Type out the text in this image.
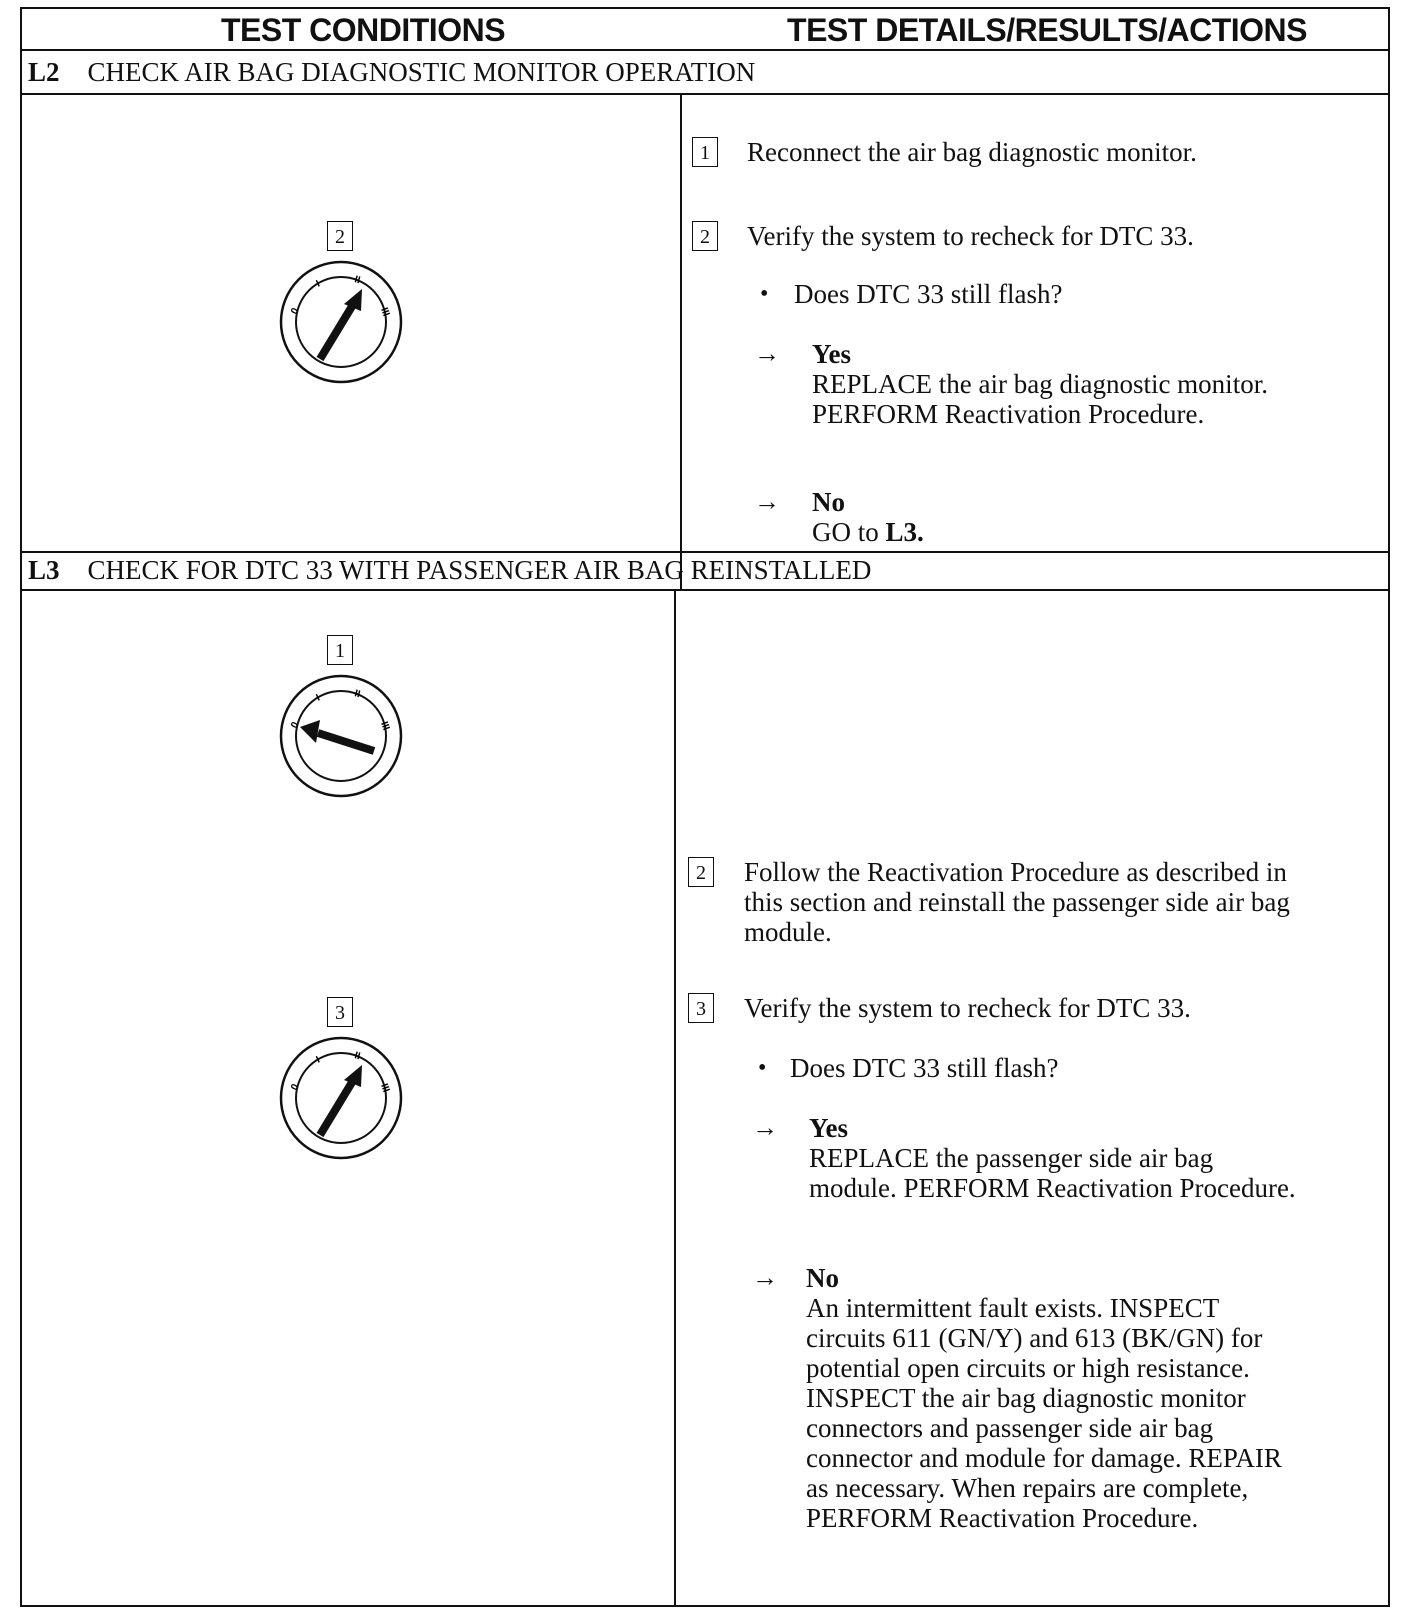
TEST CONDITIONS	TEST DETAILS/RESULTS/ACTIONS
L2 CHECK AIR BAG DIAGNOSTIC MONITOR OPERATION
2
0
I	II
III
1 Reconnect the air bag diagnostic monitor.
2 Verify the system to recheck for DTC 33.
• Does DTC 33 still flash?
→ Yes
REPLACE the air bag diagnostic monitor.
PERFORM Reactivation Procedure.
→ No
GO to L3.
L3 CHECK FOR DTC 33 WITH PASSENGER AIR BAG REINSTALLED
1
0
I	II
III
3
0
I	II
III
2 Follow the Reactivation Procedure as described in
this section and reinstall the passenger side air bag
module.
3 Verify the system to recheck for DTC 33.
• Does DTC 33 still flash?
→ Yes
REPLACE the passenger side air bag
module. PERFORM Reactivation Procedure.
→ No
An intermittent fault exists. INSPECT
circuits 611 (GN/Y) and 613 (BK/GN) for
potential open circuits or high resistance.
INSPECT the air bag diagnostic monitor
connectors and passenger side air bag
connector and module for damage. REPAIR
as necessary. When repairs are complete,
PERFORM Reactivation Procedure.
